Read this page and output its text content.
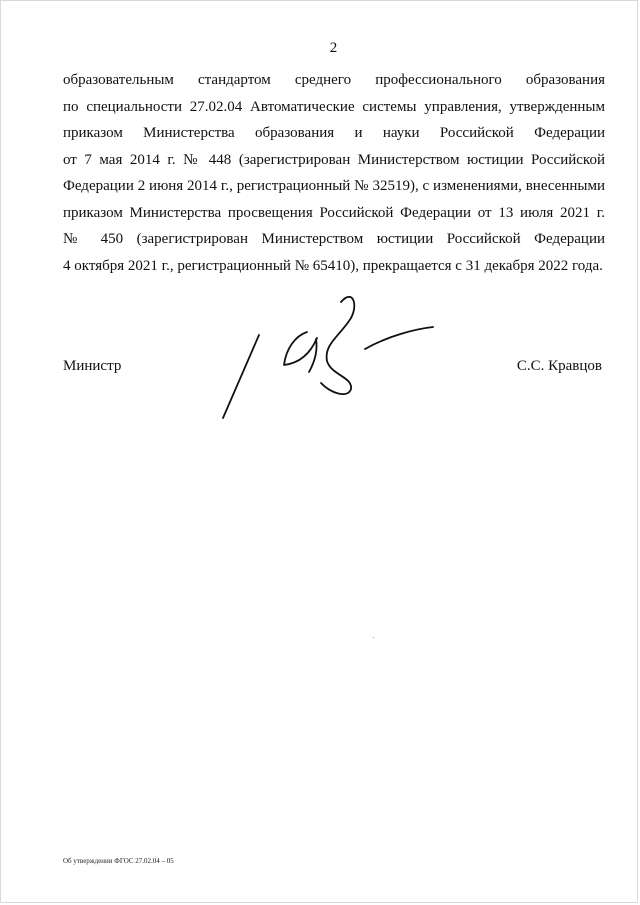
2
образовательным стандартом среднего профессионального образования
по специальности 27.02.04 Автоматические системы управления, утвержденным
приказом Министерства образования и науки Российской Федерации
от 7 мая 2014 г. № 448 (зарегистрирован Министерством юстиции Российской
Федерации 2 июня 2014 г., регистрационный № 32519), с изменениями, внесенными
приказом Министерства просвещения Российской Федерации от 13 июля 2021 г.
№ 450 (зарегистрирован Министерством юстиции Российской Федерации
4 октября 2021 г., регистрационный № 65410), прекращается с 31 декабря 2022 года.
Министр	С.С. Кравцов
Об утверждении ФГОС 27.02.04 – 05
